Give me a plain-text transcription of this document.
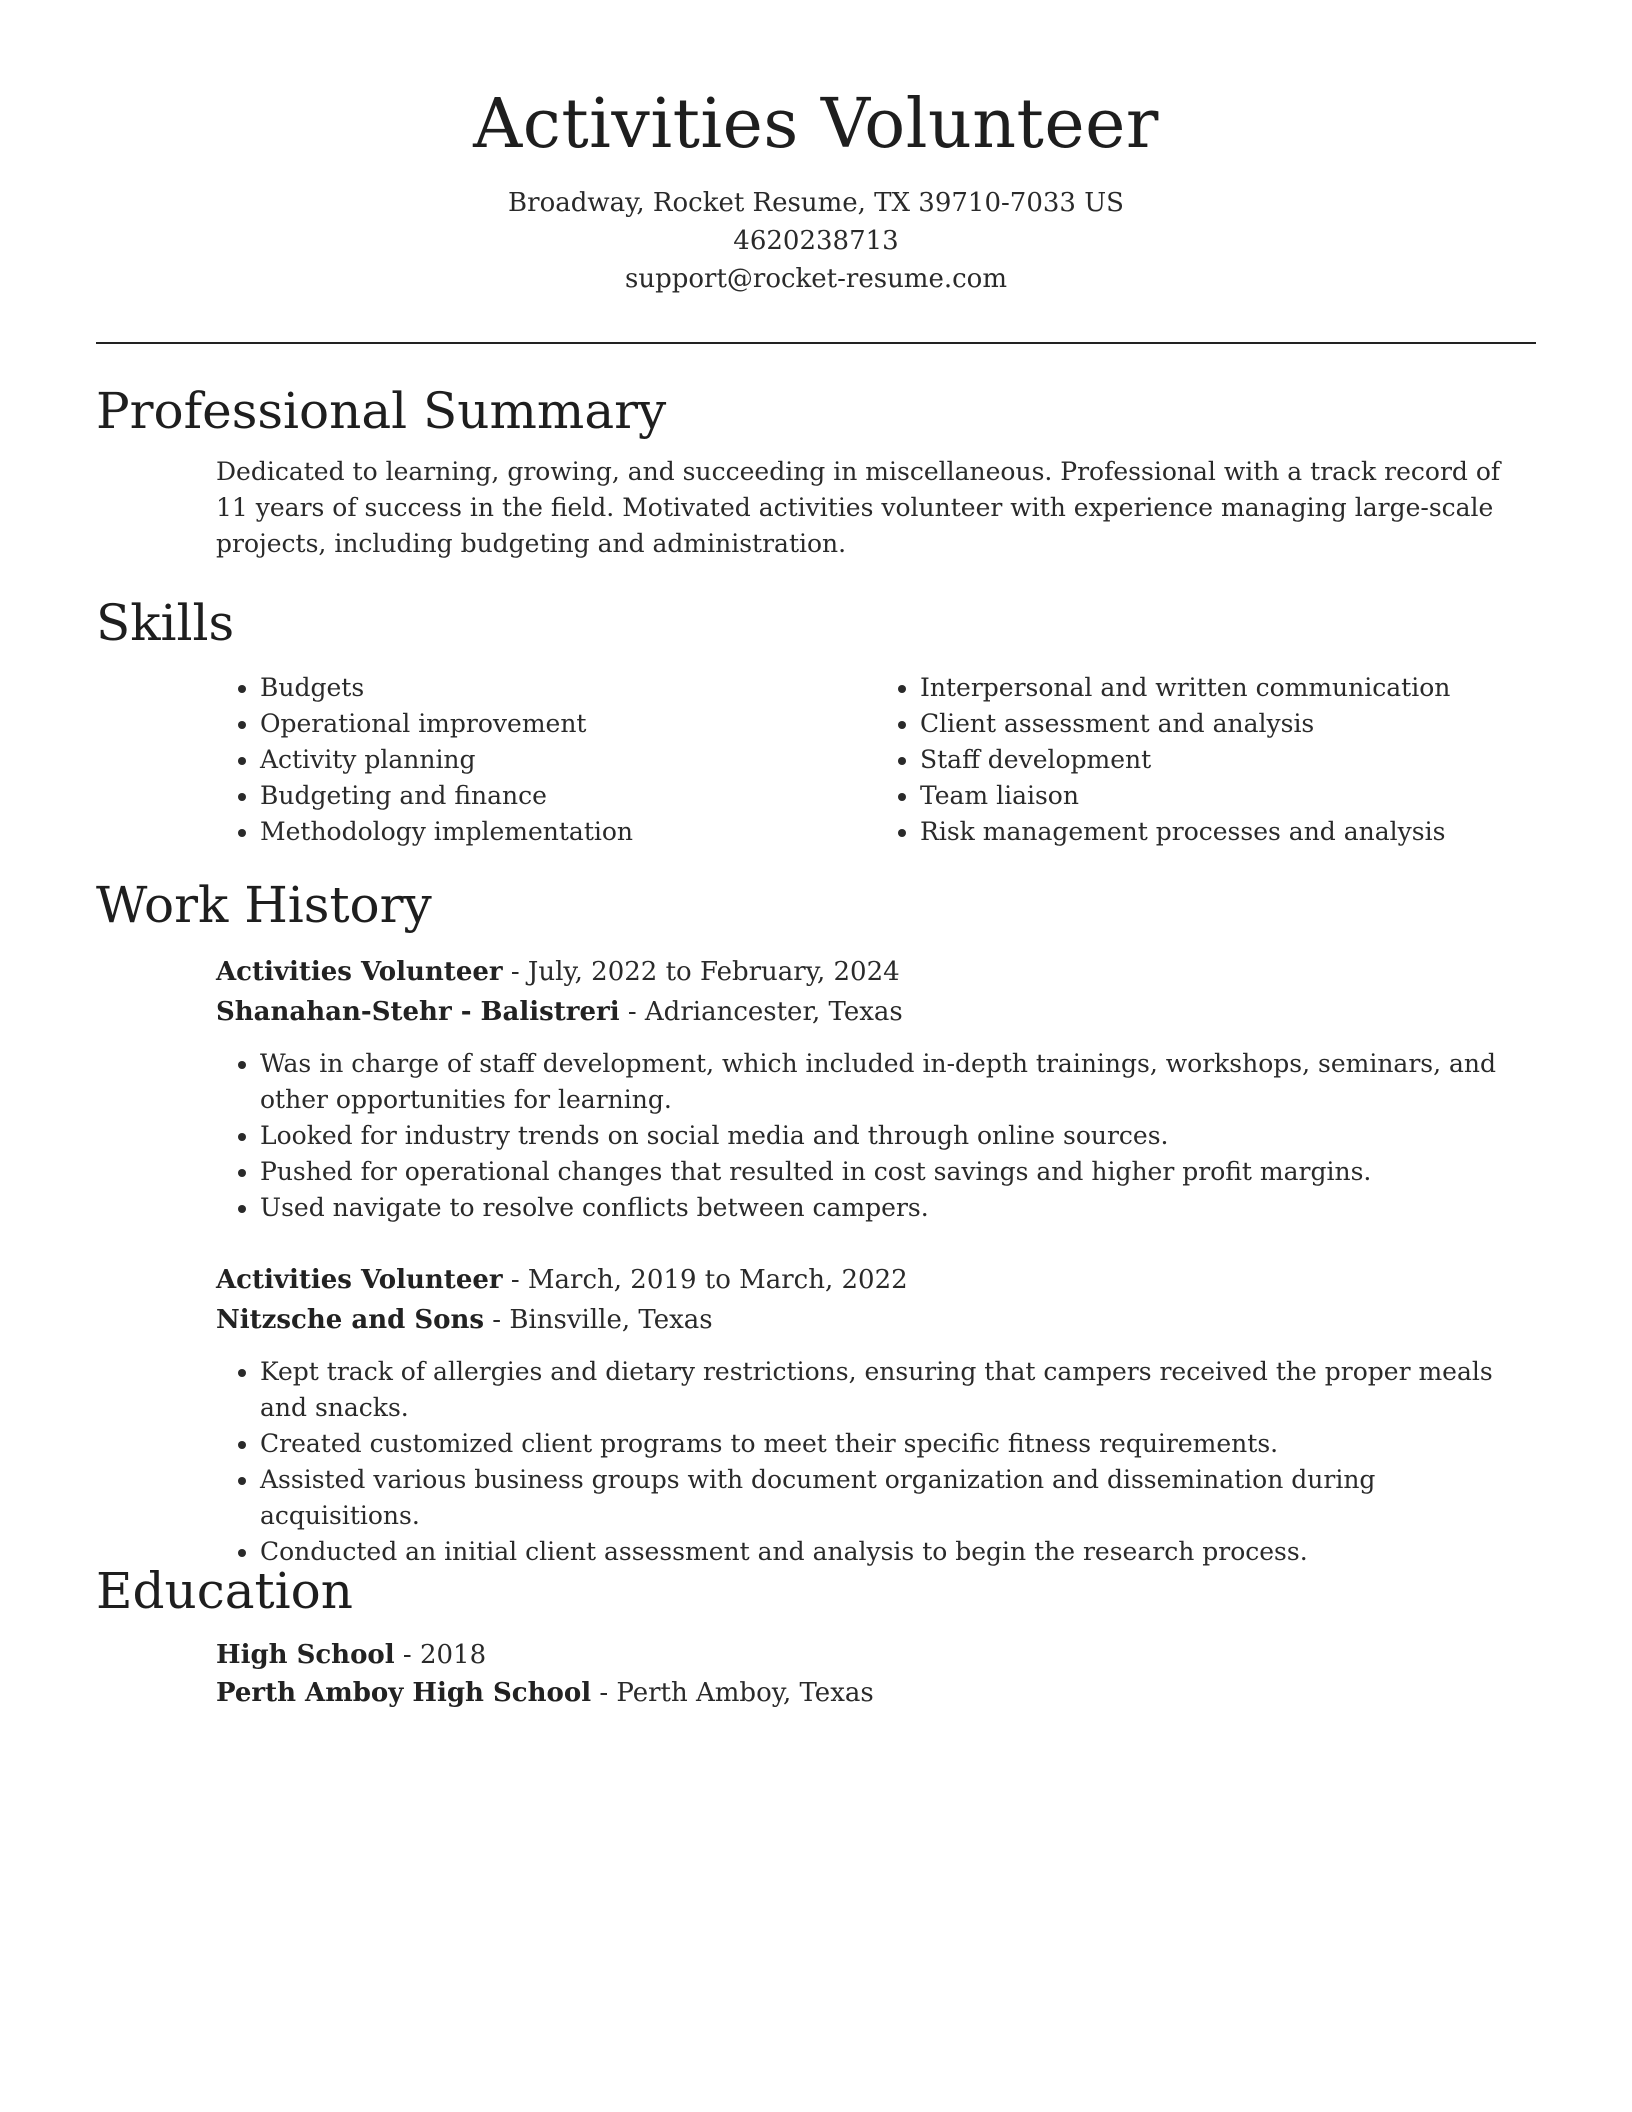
Activities Volunteer
Broadway, Rocket Resume, TX 39710-7033 US
4620238713
support@rocket-resume.com
Professional Summary

Dedicated to learning, growing, and succeeding in miscellaneous. Professional with a track record of 11 years of success in the field. Motivated activities volunteer with experience managing large-scale projects, including budgeting and administration.

Skills
• Budgets
• Operational improvement
• Activity planning
• Budgeting and finance
• Methodology implementation
• Interpersonal and written communication
• Client assessment and analysis
• Staff development
• Team liaison
• Risk management processes and analysis
Work History
Activities Volunteer - July, 2022 to February, 2024
Shanahan-Stehr - Balistreri - Adriancester, Texas
• Was in charge of staff development, which included in-depth trainings, workshops, seminars, and other opportunities for learning.
• Looked for industry trends on social media and through online sources.
• Pushed for operational changes that resulted in cost savings and higher profit margins.
• Used navigate to resolve conflicts between campers.
Activities Volunteer - March, 2019 to March, 2022
Nitzsche and Sons - Binsville, Texas
• Kept track of allergies and dietary restrictions, ensuring that campers received the proper meals and snacks.
• Created customized client programs to meet their specific fitness requirements.
• Assisted various business groups with document organization and dissemination during acquisitions.
• Conducted an initial client assessment and analysis to begin the research process.
Education
High School - 2018
Perth Amboy High School - Perth Amboy, Texas
